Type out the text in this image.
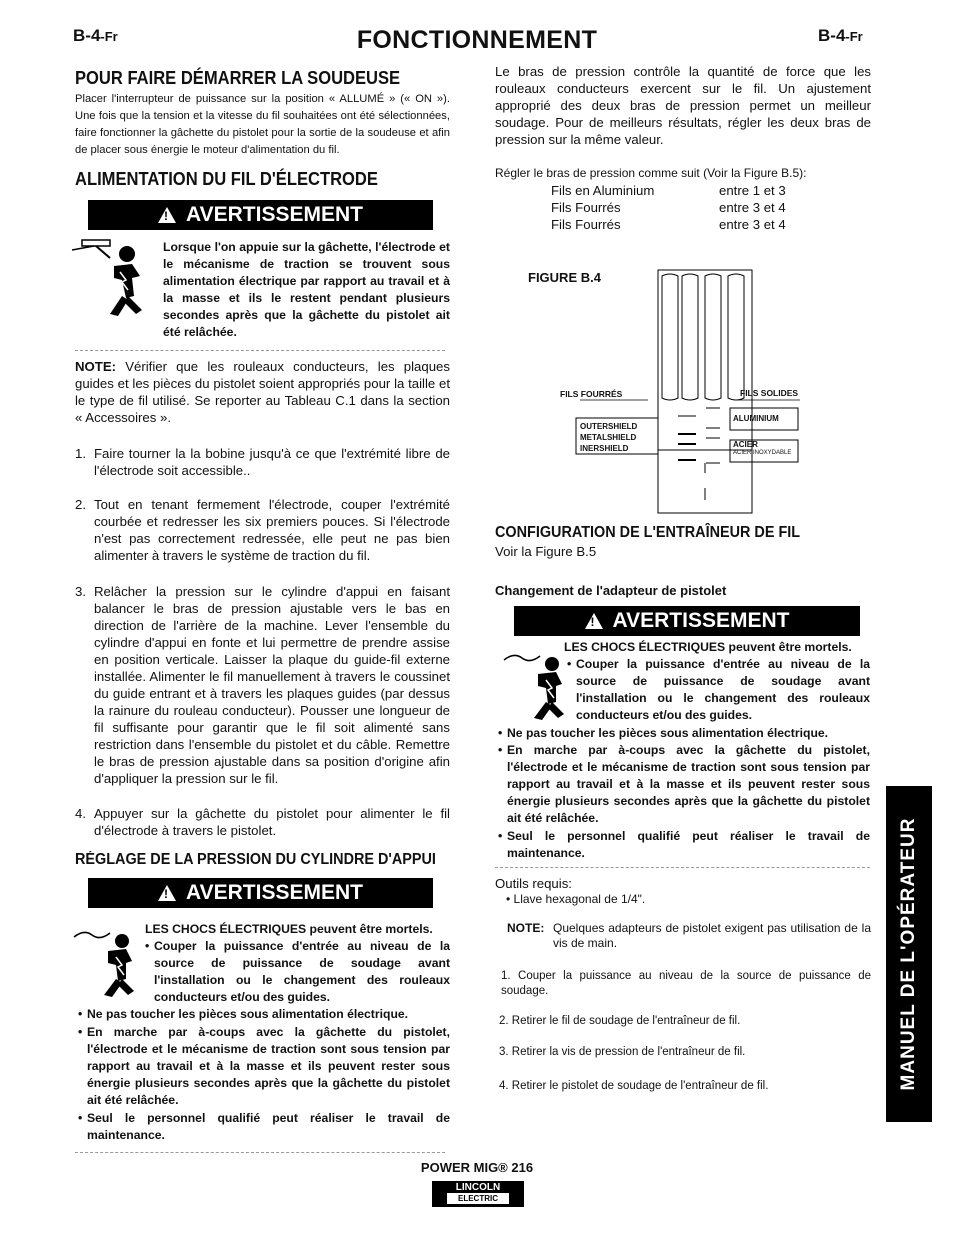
B-4-Fr	FONCTIONNEMENT	B-4-Fr
POUR FAIRE DÉMARRER LA SOUDEUSE
Placer l'interrupteur de puissance sur la position « ALLUMÉ » (« ON »). Une fois que la tension et la vitesse du fil souhaitées ont été sélectionnées, faire fonctionner la gâchette du pistolet pour la sortie de la soudeuse et afin de placer sous énergie le moteur d'alimentation du fil.
ALIMENTATION DU FIL D'ÉLECTRODE
!
AVERTISSEMENT
Lorsque l'on appuie sur la gâchette, l'électrode et le mécanisme de traction se trouvent sous alimentation électrique par rapport au travail et à la masse et ils le restent pendant plusieurs secondes après que la gâchette du pistolet ait été relâchée.
NOTE: Vérifier que les rouleaux conducteurs, les plaques guides et les pièces du pistolet soient appropriés pour la taille et le type de fil utilisé. Se reporter au Tableau C.1 dans la section « Accessoires ».
1. Faire tourner la la bobine jusqu'à ce que l'extrémité libre de l'électrode soit accessible..
2. Tout en tenant fermement l'électrode, couper l'extrémité courbée et redresser les six premiers pouces. Si l'électrode n'est pas correctement redressée, elle peut ne pas bien alimenter à travers le système de traction du fil.
3. Relâcher la pression sur le cylindre d'appui en faisant balancer le bras de pression ajustable vers le bas en direction de l'arrière de la machine. Lever l'ensemble du cylindre d'appui en fonte et lui permettre de prendre assise en position verticale. Laisser la plaque du guide-fil externe installée. Alimenter le fil manuellement à travers le coussinet du guide entrant et à travers les plaques guides (par dessus la rainure du rouleau conducteur). Pousser une longueur de fil suffisante pour garantir que le fil soit alimenté sans restriction dans l'ensemble du pistolet et du câble. Remettre le bras de pression ajustable dans sa position d'origine afin d'appliquer la pression sur le fil.
4. Appuyer sur la gâchette du pistolet pour alimenter le fil d'électrode à travers le pistolet.
RÉGLAGE DE LA PRESSION DU CYLINDRE D'APPUI
!
AVERTISSEMENT
LES CHOCS ÉLECTRIQUES peuvent être mortels.
• Couper la puissance d'entrée au niveau de la source de puissance de soudage avant l'installation ou le changement des rouleaux conducteurs et/ou des guides.
• Ne pas toucher les pièces sous alimentation électrique.
• En marche par à-coups avec la gâchette du pistolet, l'électrode et le mécanisme de traction sont sous tension par rapport au travail et à la masse et ils peuvent rester sous énergie plusieurs secondes après que la gâchette du pistolet ait été relâchée.
• Seul le personnel qualifié peut réaliser le travail de maintenance.
Le bras de pression contrôle la quantité de force que les rouleaux conducteurs exercent sur le fil. Un ajustement approprié des deux bras de pression permet un meilleur soudage. Pour de meilleurs résultats, régler les deux bras de pression sur la même valeur.
Régler le bras de pression comme suit (Voir la Figure B.5):
Fils en Aluminium	entre 1 et 3
Fils Fourrés	entre 3 et 4
Fils Fourrés	entre 3 et 4
FIGURE B.4
FILS FOURRÉS	FILS SOLIDES
OUTERSHIELD
METALSHIELD
INERSHIELD
ALUMINIUM
ACIER
ACIER INOXYDABLE
CONFIGURATION DE L'ENTRAÎNEUR DE FIL
Voir la Figure B.5
Changement de l'adapteur de pistolet
!
AVERTISSEMENT
LES CHOCS ÉLECTRIQUES peuvent être mortels.
• Couper la puissance d'entrée au niveau de la source de puissance de soudage avant l'installation ou le changement des rouleaux conducteurs et/ou des guides.
• Ne pas toucher les pièces sous alimentation électrique.
• En marche par à-coups avec la gâchette du pistolet, l'électrode et le mécanisme de traction sont sous tension par rapport au travail et à la masse et ils peuvent rester sous énergie plusieurs secondes après que la gâchette du pistolet ait été relâchée.
• Seul le personnel qualifié peut réaliser le travail de maintenance.
Outils requis:
• Llave hexagonal de 1/4".
NOTE: Quelques adapteurs de pistolet exigent pas utilisation de la vis de main.
1. Couper la puissance au niveau de la source de puissance de soudage.
2. Retirer le fil de soudage de l'entraîneur de fil.
3. Retirer la vis de pression de l'entraîneur de fil.
4. Retirer le pistolet de soudage de l'entraîneur de fil.	MANUEL DE L'OPÉRATEUR
POWER MIG® 216
LINCOLN
ELECTRIC
